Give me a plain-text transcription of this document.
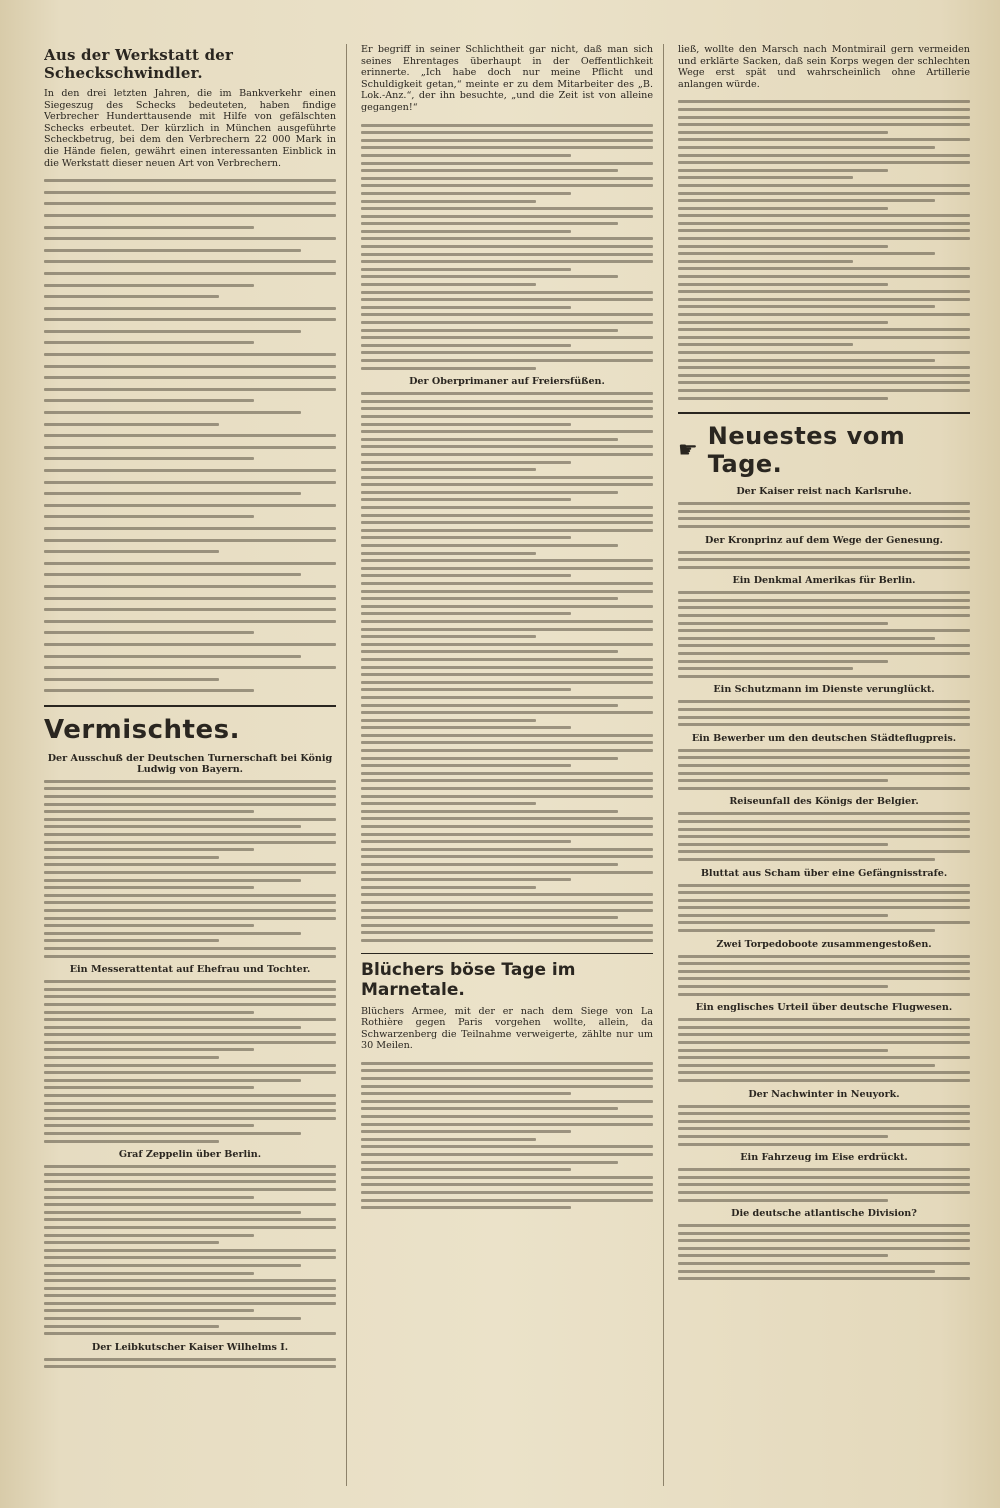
Aus der Werkstatt der Scheckschwindler.

In den drei letzten Jahren, die im Bankverkehr einen Siegeszug des Schecks bedeuteten, haben findige Verbrecher Hunderttausende mit Hilfe von gefälschten Schecks erbeutet. Der kürzlich in München ausgeführte Scheckbetrug, bei dem den Verbrechern 22 000 Mark in die Hände fielen, gewährt einen interessanten Einblick in die Werkstatt dieser neuen Art von Verbrechern.

Vermischtes.
Der Ausschuß der Deutschen Turnerschaft bei König Ludwig von Bayern.
Ein Messerattentat auf Ehefrau und Tochter.
Graf Zeppelin über Berlin.
Der Leibkutscher Kaiser Wilhelms I.

Er begriff in seiner Schlichtheit gar nicht, daß man sich seines Ehrentages überhaupt in der Oeffentlichkeit erinnerte. „Ich habe doch nur meine Pflicht und Schuldigkeit getan,“ meinte er zu dem Mitarbeiter des „B. Lok.-Anz.“, der ihn besuchte, „und die Zeit ist von alleine gegangen!“

Der Oberprimaner auf Freiersfüßen.
Blüchers böse Tage im Marnetale.

Blüchers Armee, mit der er nach dem Siege von La Rothière gegen Paris vorgehen wollte, allein, da Schwarzenberg die Teilnahme verweigerte, zählte nur um 30 Meilen.

ließ, wollte den Marsch nach Montmirail gern vermeiden und erklärte Sacken, daß sein Korps wegen der schlechten Wege erst spät und wahrscheinlich ohne Artillerie anlangen würde.

☛ Neuestes vom Tage.
Der Kaiser reist nach Karlsruhe.
Der Kronprinz auf dem Wege der Genesung.
Ein Denkmal Amerikas für Berlin.
Ein Schutzmann im Dienste verunglückt.
Ein Bewerber um den deutschen Städteflugpreis.
Reiseunfall des Königs der Belgier.
Bluttat aus Scham über eine Gefängnisstrafe.
Zwei Torpedoboote zusammengestoßen.
Ein englisches Urteil über deutsche Flugwesen.
Der Nachwinter in Neuyork.
Ein Fahrzeug im Eise erdrückt.
Die deutsche atlantische Division?
